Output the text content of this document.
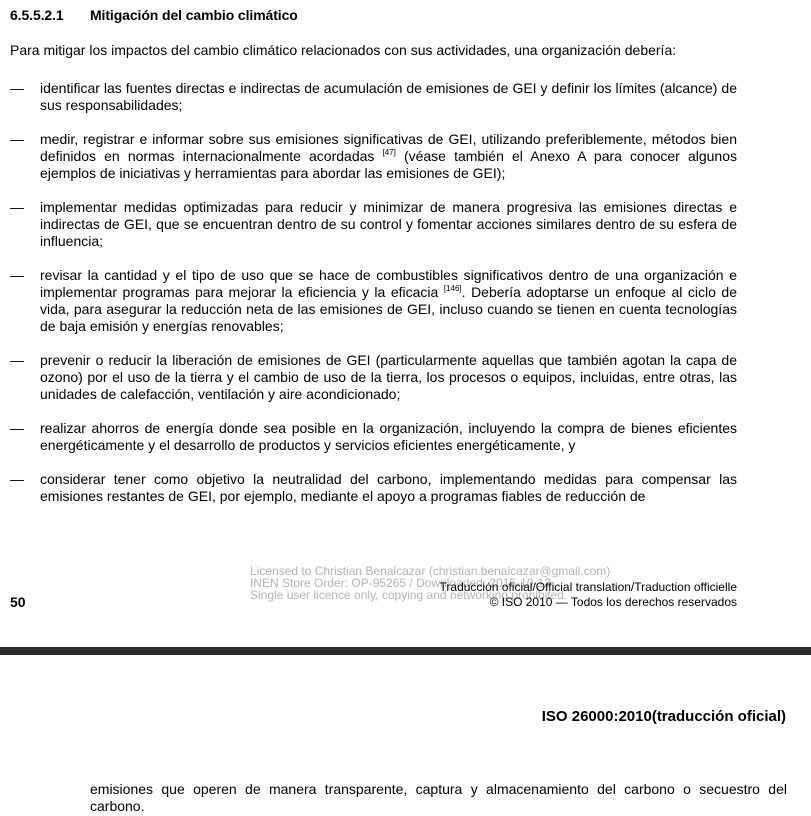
6.5.5.2.1 Mitigación del cambio climático
Para mitigar los impactos del cambio climático relacionados con sus actividades, una organización debería:
— identificar las fuentes directas e indirectas de acumulación de emisiones de GEI y definir los límites (alcance) de sus responsabilidades;
— medir, registrar e informar sobre sus emisiones significativas de GEI, utilizando preferiblemente, métodos bien definidos en normas internacionalmente acordadas [47] (véase también el Anexo A para conocer algunos ejemplos de iniciativas y herramientas para abordar las emisiones de GEI);
— implementar medidas optimizadas para reducir y minimizar de manera progresiva las emisiones directas e indirectas de GEI, que se encuentran dentro de su control y fomentar acciones similares dentro de su esfera de influencia;
— revisar la cantidad y el tipo de uso que se hace de combustibles significativos dentro de una organización e implementar programas para mejorar la eficiencia y la eficacia [146]. Debería adoptarse un enfoque al ciclo de vida, para asegurar la reducción neta de las emisiones de GEI, incluso cuando se tienen en cuenta tecnologías de baja emisión y energías renovables;
— prevenir o reducir la liberación de emisiones de GEI (particularmente aquellas que también agotan la capa de ozono) por el uso de la tierra y el cambio de uso de la tierra, los procesos o equipos, incluidas, entre otras, las unidades de calefacción, ventilación y aire acondicionado;
— realizar ahorros de energía donde sea posible en la organización, incluyendo la compra de bienes eficientes energéticamente y el desarrollo de productos y servicios eficientes energéticamente, y
— considerar tener como objetivo la neutralidad del carbono, implementando medidas para compensar las emisiones restantes de GEI, por ejemplo, mediante el apoyo a programas fiables de reducción de
50
Licensed to Christian Benalcazar (christian.benalcazar@gmail.com)
INEN Store Order: OP-95265 / Downloaded: 2015-10-12
Single user licence only, copying and networking prohibited.
Traducción oficial/Official translation/Traduction officielle
© ISO 2010 — Todos los derechos reservados
ISO 26000:2010(traducción oficial)
emisiones que operen de manera transparente, captura y almacenamiento del carbono o secuestro del carbono.
